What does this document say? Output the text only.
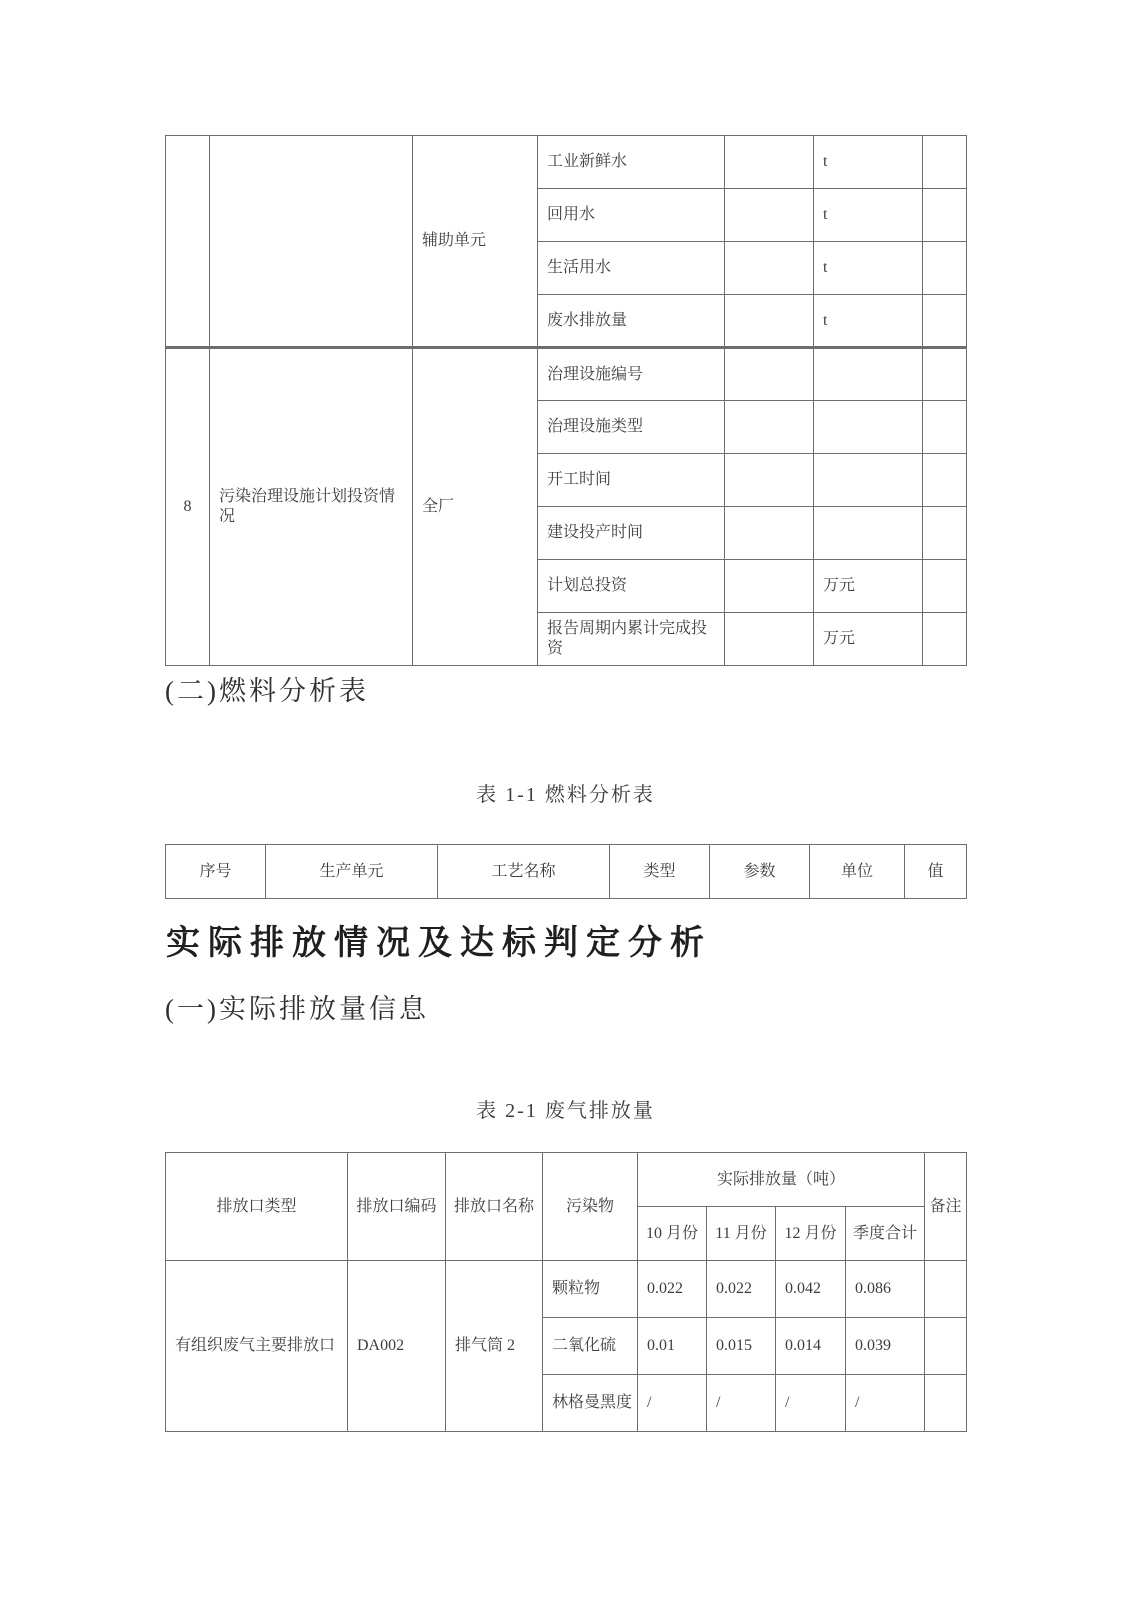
		辅助单元	工业新鲜水		t	
			回用水		t	
			生活用水		t	
			废水排放量		t	
8	污染治理设施计划投资情况	全厂	治理设施编号			
			治理设施类型			
			开工时间			
			建设投产时间			
			计划总投资		万元	
			报告周期内累计完成投资		万元	
(二)燃料分析表
表 1-1 燃料分析表
序号	生产单元	工艺名称	类型	参数	单位	值
实际排放情况及达标判定分析
(一)实际排放量信息
表 2-1 废气排放量
排放口类型	排放口编码	排放口名称	污染物	实际排放量（吨）				备注
				10 月份	11 月份	12 月份	季度合计	
有组织废气主要排放口	DA002	排气筒 2	颗粒物	0.022	0.022	0.042	0.086	
			二氧化硫	0.01	0.015	0.014	0.039	
			林格曼黑度	/	/	/	/	
